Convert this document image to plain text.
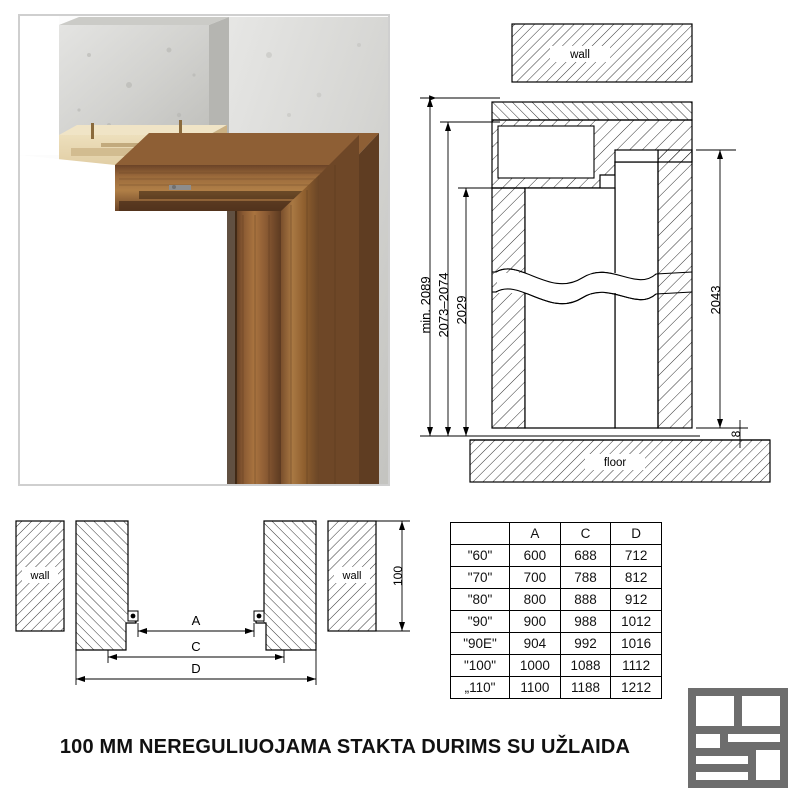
wall
floor
min. 2089 2073–2074 2029	2043
8
wall	wall 100
A
C
D
	A	C	D
"60"	600	688	712
"70"	700	788	812
"80"	800	888	912
"90"	900	988	1012
"90E"	904	992	1016
"100"	1000	1088	1112
„110"	1100	1188	1212
100 MM NEREGULIUOJAMA STAKTA DURIMS SU UŽLAIDA
